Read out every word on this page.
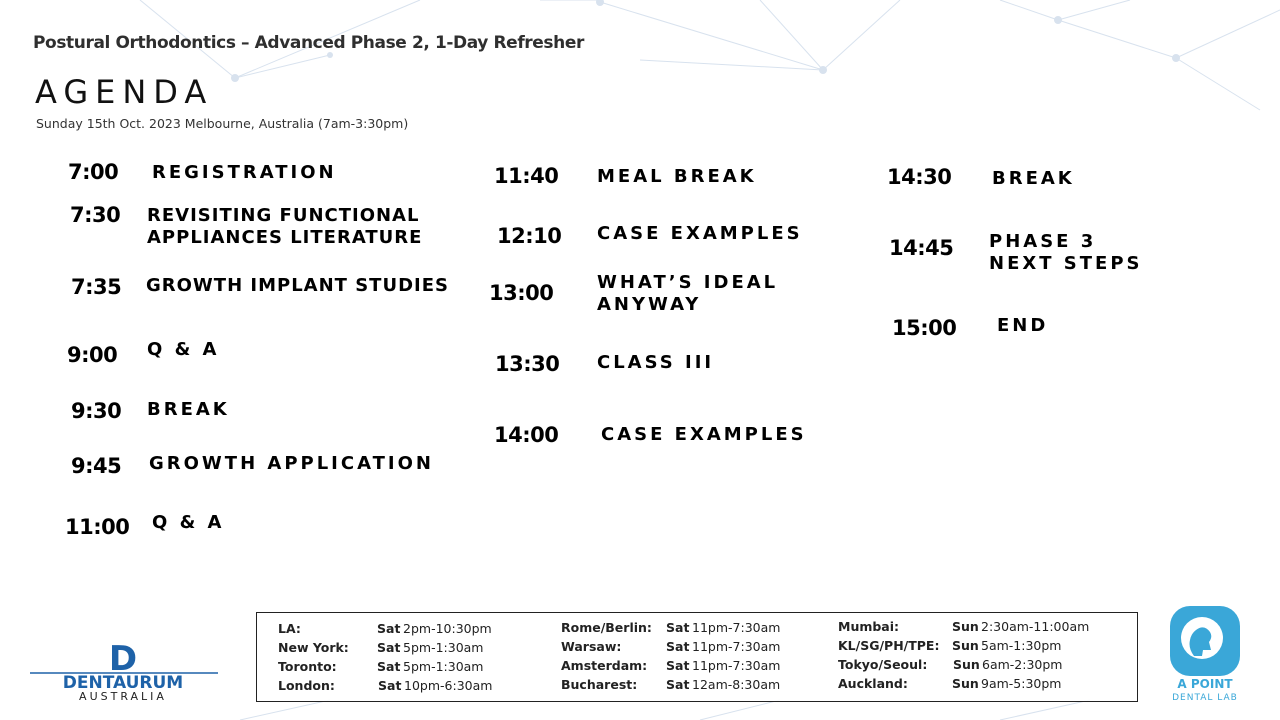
Postural Orthodontics – Advanced Phase 2, 1-Day Refresher
AGENDA
Sunday 15th Oct. 2023 Melbourne, Australia (7am-3:30pm)
7:00 REGISTRATION
7:30 REVISITING FUNCTIONAL
APPLIANCES LITERATURE
7:35 GROWTH IMPLANT STUDIES
9:00 Q & A
9:30 BREAK
9:45 GROWTH APPLICATION
11:00 Q & A
11:40 MEAL BREAK
12:10 CASE EXAMPLES
13:00 WHAT’S IDEAL
ANYWAY
13:30 CLASS III
14:00 CASE EXAMPLES
14:30 BREAK
14:45 PHASE 3
NEXT STEPS
15:00 END
LA:	Sat 2pm-10:30pm
New York: Sat 5pm-1:30am
Toronto:	Sat 5pm-1:30am
London:	Sat 10pm-6:30am
Rome/Berlin: Sat 11pm-7:30am
Warsaw:	Sat 11pm-7:30am
Amsterdam: Sat 11pm-7:30am
Bucharest: Sat 12am-8:30am
Mumbai:	Sun 2:30am-11:00am
KL/SG/PH/TPE: Sun 5am-1:30pm
Tokyo/Seoul: Sun 6am-2:30pm
Auckland:	Sun 9am-5:30pm
D
DENTAURUM
AUSTRALIA
A POINT
DENTAL LAB
